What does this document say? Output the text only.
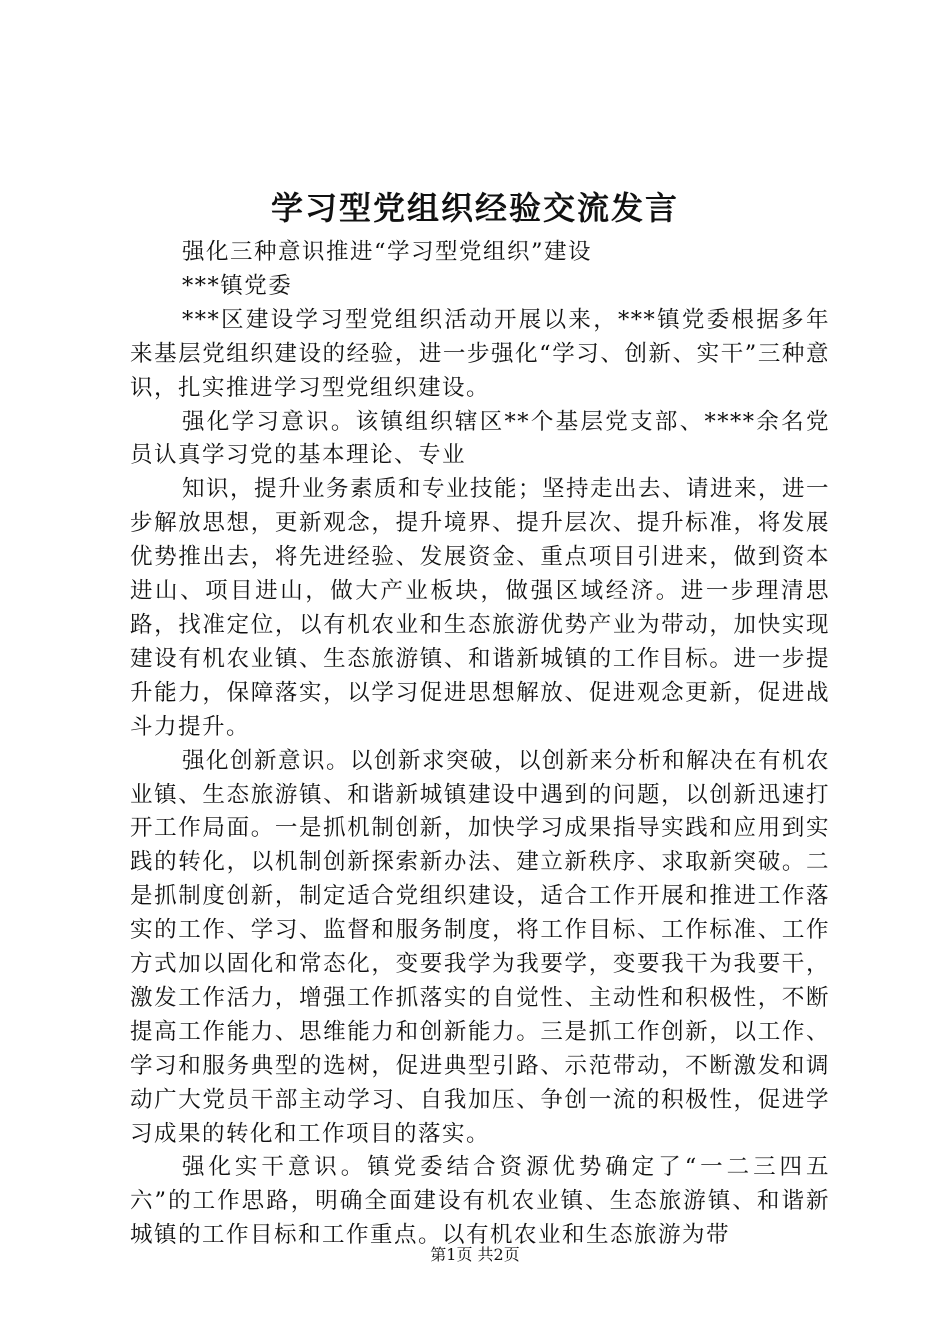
学习型党组织经验交流发言

强化三种意识推进“学习型党组织”建设

***镇党委

***区建设学习型党组织活动开展以来，***镇党委根据多年来基层党组织建设的经验，进一步强化“学习、创新、实干”三种意识，扎实推进学习型党组织建设。

强化学习意识。该镇组织辖区**个基层党支部、****余名党员认真学习党的基本理论、专业

知识，提升业务素质和专业技能；坚持走出去、请进来，进一步解放思想，更新观念，提升境界、提升层次、提升标准，将发展优势推出去，将先进经验、发展资金、重点项目引进来，做到资本进山、项目进山，做大产业板块，做强区域经济。进一步理清思路，找准定位，以有机农业和生态旅游优势产业为带动，加快实现建设有机农业镇、生态旅游镇、和谐新城镇的工作目标。进一步提升能力，保障落实，以学习促进思想解放、促进观念更新，促进战斗力提升。

强化创新意识。以创新求突破，以创新来分析和解决在有机农业镇、生态旅游镇、和谐新城镇建设中遇到的问题，以创新迅速打开工作局面。一是抓机制创新，加快学习成果指导实践和应用到实践的转化，以机制创新探索新办法、建立新秩序、求取新突破。二是抓制度创新，制定适合党组织建设，适合工作开展和推进工作落实的工作、学习、监督和服务制度，将工作目标、工作标准、工作方式加以固化和常态化，变要我学为我要学，变要我干为我要干，激发工作活力，增强工作抓落实的自觉性、主动性和积极性，不断提高工作能力、思维能力和创新能力。三是抓工作创新，以工作、学习和服务典型的选树，促进典型引路、示范带动，不断激发和调动广大党员干部主动学习、自我加压、争创一流的积极性，促进学习成果的转化和工作项目的落实。

强化实干意识。镇党委结合资源优势确定了“一二三四五六”的工作思路，明确全面建设有机农业镇、生态旅游镇、和谐新城镇的工作目标和工作重点。以有机农业和生态旅游为带

第1页 共2页
